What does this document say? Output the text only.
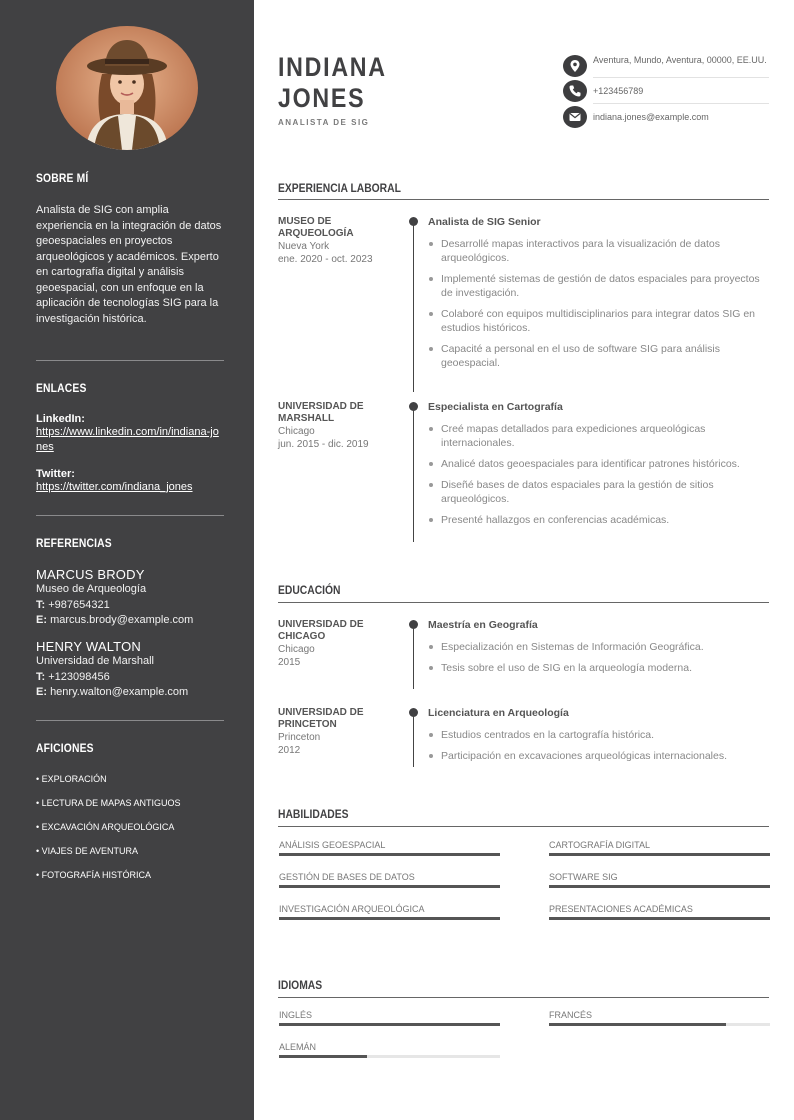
SOBRE MÍ
Analista de SIG con amplia experiencia en la integración de datos geoespaciales en proyectos arqueológicos y académicos. Experto en cartografía digital y análisis geoespacial, con un enfoque en la aplicación de tecnologías SIG para la investigación histórica.
ENLACES
LinkedIn:
https://www.linkedin.com/in/indiana-jones
Twitter:
https://twitter.com/indiana_jones
REFERENCIAS
MARCUS BRODY
Museo de Arqueología
T: +987654321
E: marcus.brody@example.com
HENRY WALTON
Universidad de Marshall
T: +123098456
E: henry.walton@example.com
AFICIONES
• EXPLORACIÓN
• LECTURA DE MAPAS ANTIGUOS
• EXCAVACIÓN ARQUEOLÓGICA
• VIAJES DE AVENTURA
• FOTOGRAFÍA HISTÓRICA
INDIANA
JONES
ANALISTA DE SIG
Aventura, Mundo, Aventura, 00000, EE.UU.
+123456789
indiana.jones@example.com
EXPERIENCIA LABORAL
MUSEO DE ARQUEOLOGÍA
Nueva York
ene. 2020 - oct. 2023
Analista de SIG Senior
Desarrollé mapas interactivos para la visualización de datos arqueológicos.
Implementé sistemas de gestión de datos espaciales para proyectos de investigación.
Colaboré con equipos multidisciplinarios para integrar datos SIG en estudios históricos.
Capacité a personal en el uso de software SIG para análisis geoespacial.
UNIVERSIDAD DE MARSHALL
Chicago
jun. 2015 - dic. 2019
Especialista en Cartografía
Creé mapas detallados para expediciones arqueológicas internacionales.
Analicé datos geoespaciales para identificar patrones históricos.
Diseñé bases de datos espaciales para la gestión de sitios arqueológicos.
Presenté hallazgos en conferencias académicas.
EDUCACIÓN
UNIVERSIDAD DE CHICAGO
Chicago
2015
Maestría en Geografía
Especialización en Sistemas de Información Geográfica.
Tesis sobre el uso de SIG en la arqueología moderna.
UNIVERSIDAD DE PRINCETON
Princeton
2012
Licenciatura en Arqueología
Estudios centrados en la cartografía histórica.
Participación en excavaciones arqueológicas internacionales.
HABILIDADES
ANÁLISIS GEOESPACIAL	CARTOGRAFÍA DIGITAL
GESTIÓN DE BASES DE DATOS	SOFTWARE SIG
INVESTIGACIÓN ARQUEOLÓGICA	PRESENTACIONES ACADÉMICAS
IDIOMAS
INGLÉS	FRANCÉS
ALEMÁN
